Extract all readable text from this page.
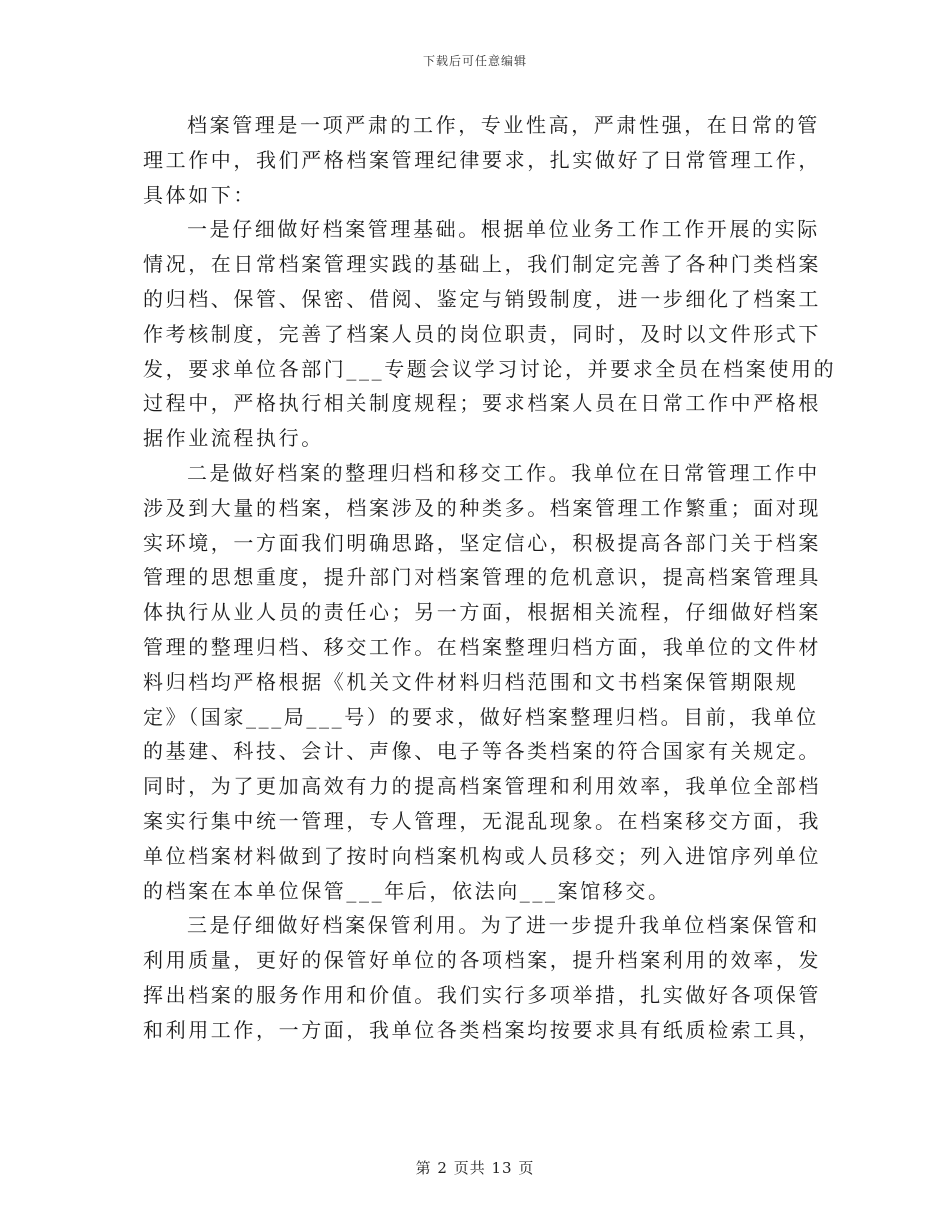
下载后可任意编辑
档案管理是一项严肃的工作，专业性高，严肃性强，在日常的管
理工作中，我们严格档案管理纪律要求，扎实做好了日常管理工作，
具体如下：
一是仔细做好档案管理基础。根据单位业务工作工作开展的实际
情况，在日常档案管理实践的基础上，我们制定完善了各种门类档案
的归档、保管、保密、借阅、鉴定与销毁制度，进一步细化了档案工
作考核制度，完善了档案人员的岗位职责，同时，及时以文件形式下
发，要求单位各部门___专题会议学习讨论，并要求全员在档案使用的
过程中，严格执行相关制度规程；要求档案人员在日常工作中严格根
据作业流程执行。
二是做好档案的整理归档和移交工作。我单位在日常管理工作中
涉及到大量的档案，档案涉及的种类多。档案管理工作繁重；面对现
实环境，一方面我们明确思路，坚定信心，积极提高各部门关于档案
管理的思想重度，提升部门对档案管理的危机意识，提高档案管理具
体执行从业人员的责任心；另一方面，根据相关流程，仔细做好档案
管理的整理归档、移交工作。在档案整理归档方面，我单位的文件材
料归档均严格根据《机关文件材料归档范围和文书档案保管期限规
定》（国家___局___号）的要求，做好档案整理归档。目前，我单位
的基建、科技、会计、声像、电子等各类档案的符合国家有关规定。
同时，为了更加高效有力的提高档案管理和利用效率，我单位全部档
案实行集中统一管理，专人管理，无混乱现象。在档案移交方面，我
单位档案材料做到了按时向档案机构或人员移交；列入进馆序列单位
的档案在本单位保管___年后，依法向___案馆移交。
三是仔细做好档案保管利用。为了进一步提升我单位档案保管和
利用质量，更好的保管好单位的各项档案，提升档案利用的效率，发
挥出档案的服务作用和价值。我们实行多项举措，扎实做好各项保管
和利用工作，一方面，我单位各类档案均按要求具有纸质检索工具，
第 2 页共 13 页
